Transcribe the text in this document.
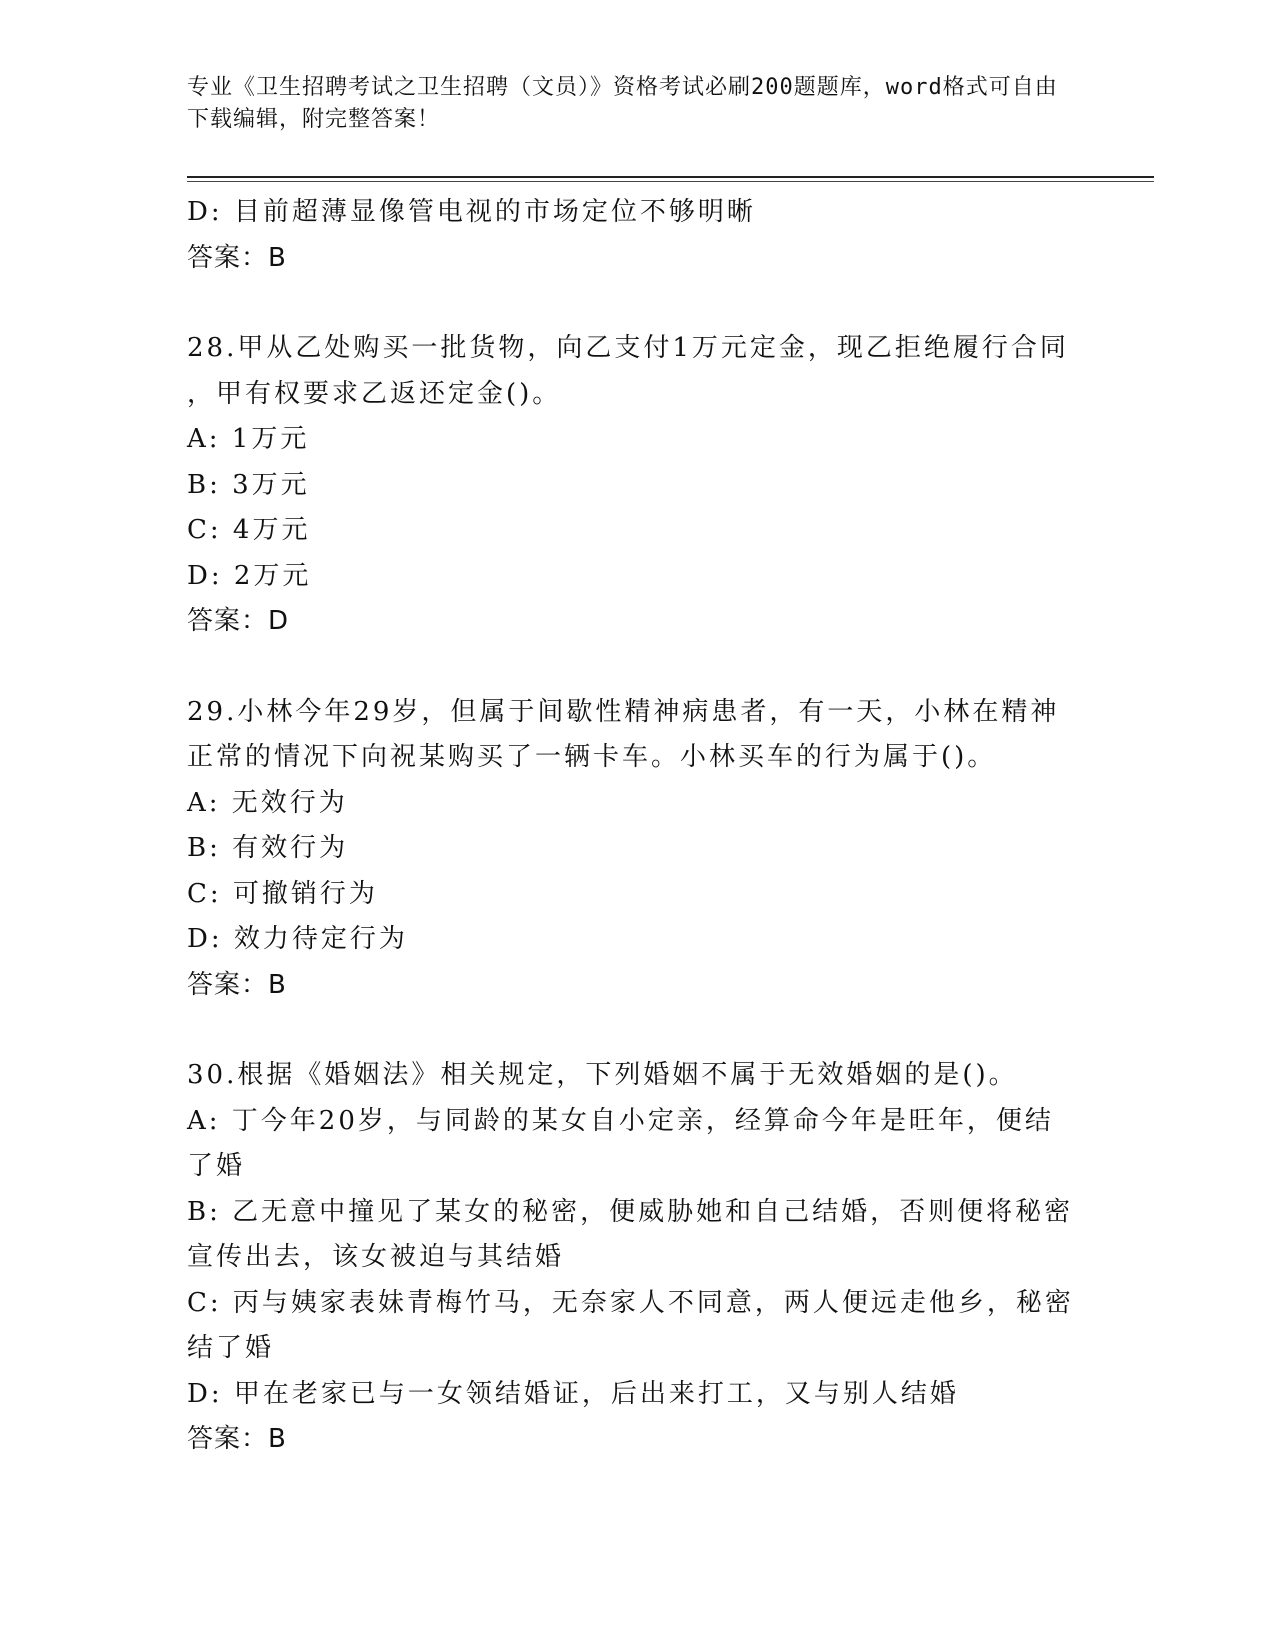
专业《卫生招聘考试之卫生招聘（文员）》资格考试必刷200题题库，word格式可自由下载编辑，附完整答案！
D: 目前超薄显像管电视的市场定位不够明晰
答案：B
28.甲从乙处购买一批货物，向乙支付1万元定金，现乙拒绝履行合同
，甲有权要求乙返还定金()。
A: 1万元
B: 3万元
C: 4万元
D: 2万元
答案：D
29.小林今年29岁，但属于间歇性精神病患者，有一天，小林在精神
正常的情况下向祝某购买了一辆卡车。小林买车的行为属于()。
A: 无效行为
B: 有效行为
C: 可撤销行为
D: 效力待定行为
答案：B
30.根据《婚姻法》相关规定，下列婚姻不属于无效婚姻的是()。
A: 丁今年20岁，与同龄的某女自小定亲，经算命今年是旺年，便结
了婚
B: 乙无意中撞见了某女的秘密，便威胁她和自己结婚，否则便将秘密
宣传出去，该女被迫与其结婚
C: 丙与姨家表妹青梅竹马，无奈家人不同意，两人便远走他乡，秘密
结了婚
D: 甲在老家已与一女领结婚证，后出来打工，又与别人结婚
答案：B
